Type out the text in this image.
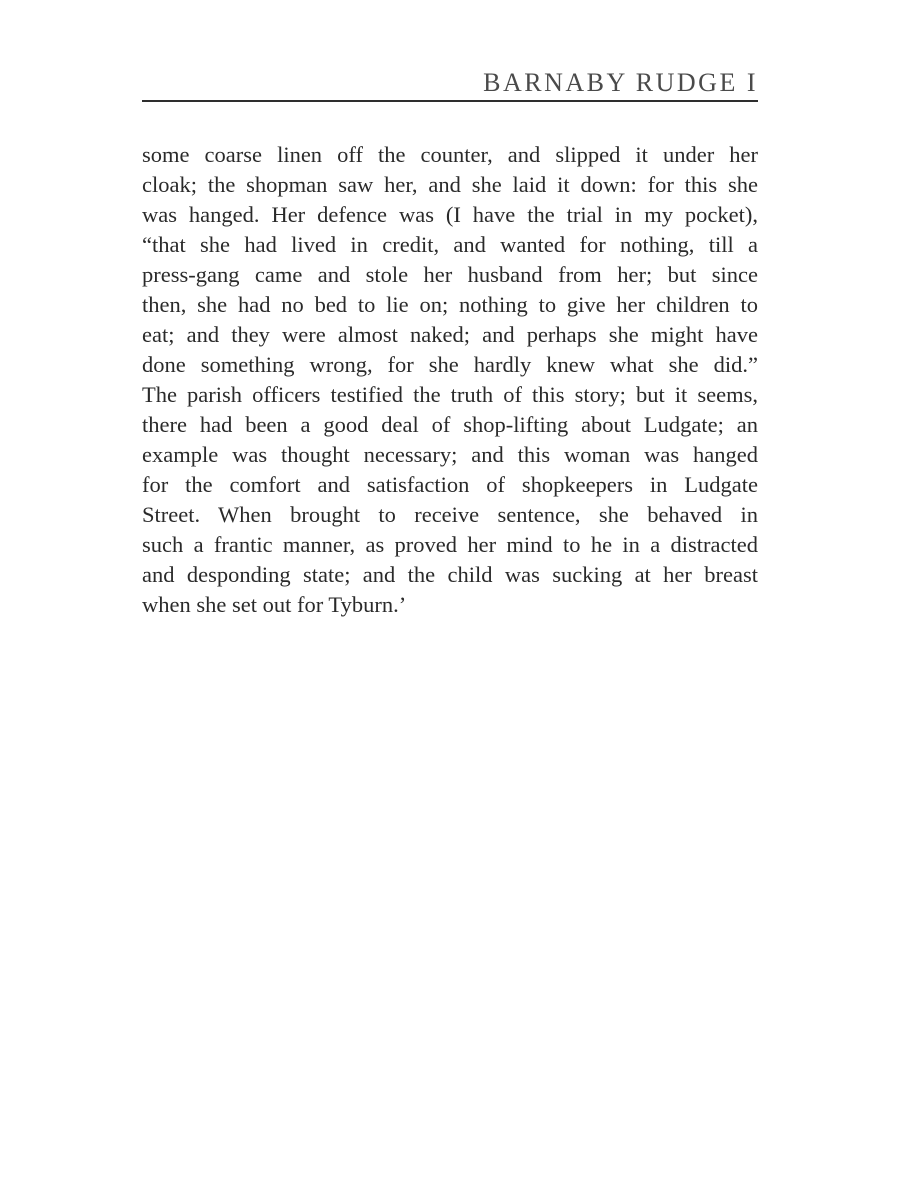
BARNABY RUDGE I
some coarse linen off the counter, and slipped it under her
cloak; the shopman saw her, and she laid it down: for this she
was hanged. Her defence was (I have the trial in my pocket),
“that she had lived in credit, and wanted for nothing, till a
press-gang came and stole her husband from her; but since
then, she had no bed to lie on; nothing to give her children to
eat; and they were almost naked; and perhaps she might have
done something wrong, for she hardly knew what she did.”
The parish officers testified the truth of this story; but it seems,
there had been a good deal of shop-lifting about Ludgate; an
example was thought necessary; and this woman was hanged
for the comfort and satisfaction of shopkeepers in Ludgate
Street. When brought to receive sentence, she behaved in
such a frantic manner, as proved her mind to he in a distracted
and desponding state; and the child was sucking at her breast
when she set out for Tyburn.’
